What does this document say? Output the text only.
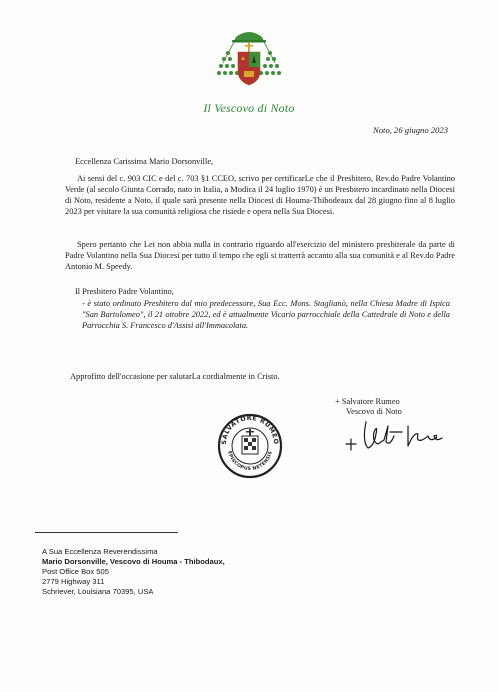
Il Vescovo di Noto
Noto, 26 giugno 2023
Eccellenza Carissima Mario Dorsonville,
Ai sensi del c. 903 CIC e del c. 703 §1 CCEO, scrivo per certificarLe che il Presbitero, Rev.do Padre Volantino Verde (al secolo Giunta Corrado, nato in Italia, a Modica il 24 luglio 1970) è un Presbitero incardinato nella Diocesi di Noto, residente a Noto, il quale sarà presente nella Diocesi di Houma-Thibodeaux dal 28 giugno fino al 8 luglio 2023 per visitare la sua comunità religiosa che risiede e opera nella Sua Diocesi.
Spero pertanto che Lei non abbia nulla in contrario riguardo all'esercizio del ministero presbiterale da parte di Padre Volantino nella Sua Diocesi per tutto il tempo che egli si tratterrà accanto alla sua comunità e al Rev.do Padre Antonio M. Speedy.
Il Presbitero Padre Volantino,
- è stato ordinato Presbitero dal mio predecessore, Sua Ecc. Mons. Staglianò, nella Chiesa Madre di Ispica "San Bartolomeo", il 21 ottobre 2022, ed è attualmente Vicario parrocchiale della Cattedrale di Noto e della Parrocchia S. Francesco d'Assisi all'Immacolata.
Approfitto dell'occasione per salutarLa cordialmente in Cristo.
SALVATORE RUMEO
EPISCOPUS NETENSIS
+ Salvatore Rumeo
Vescovo di Noto
A Sua Eccellenza Reverendissima
Mario Dorsonville, Vescovo di Houma - Thibodaux,
Post Office Box 505
2779 Highway 311
Schriever, Louisiana 70395, USA
